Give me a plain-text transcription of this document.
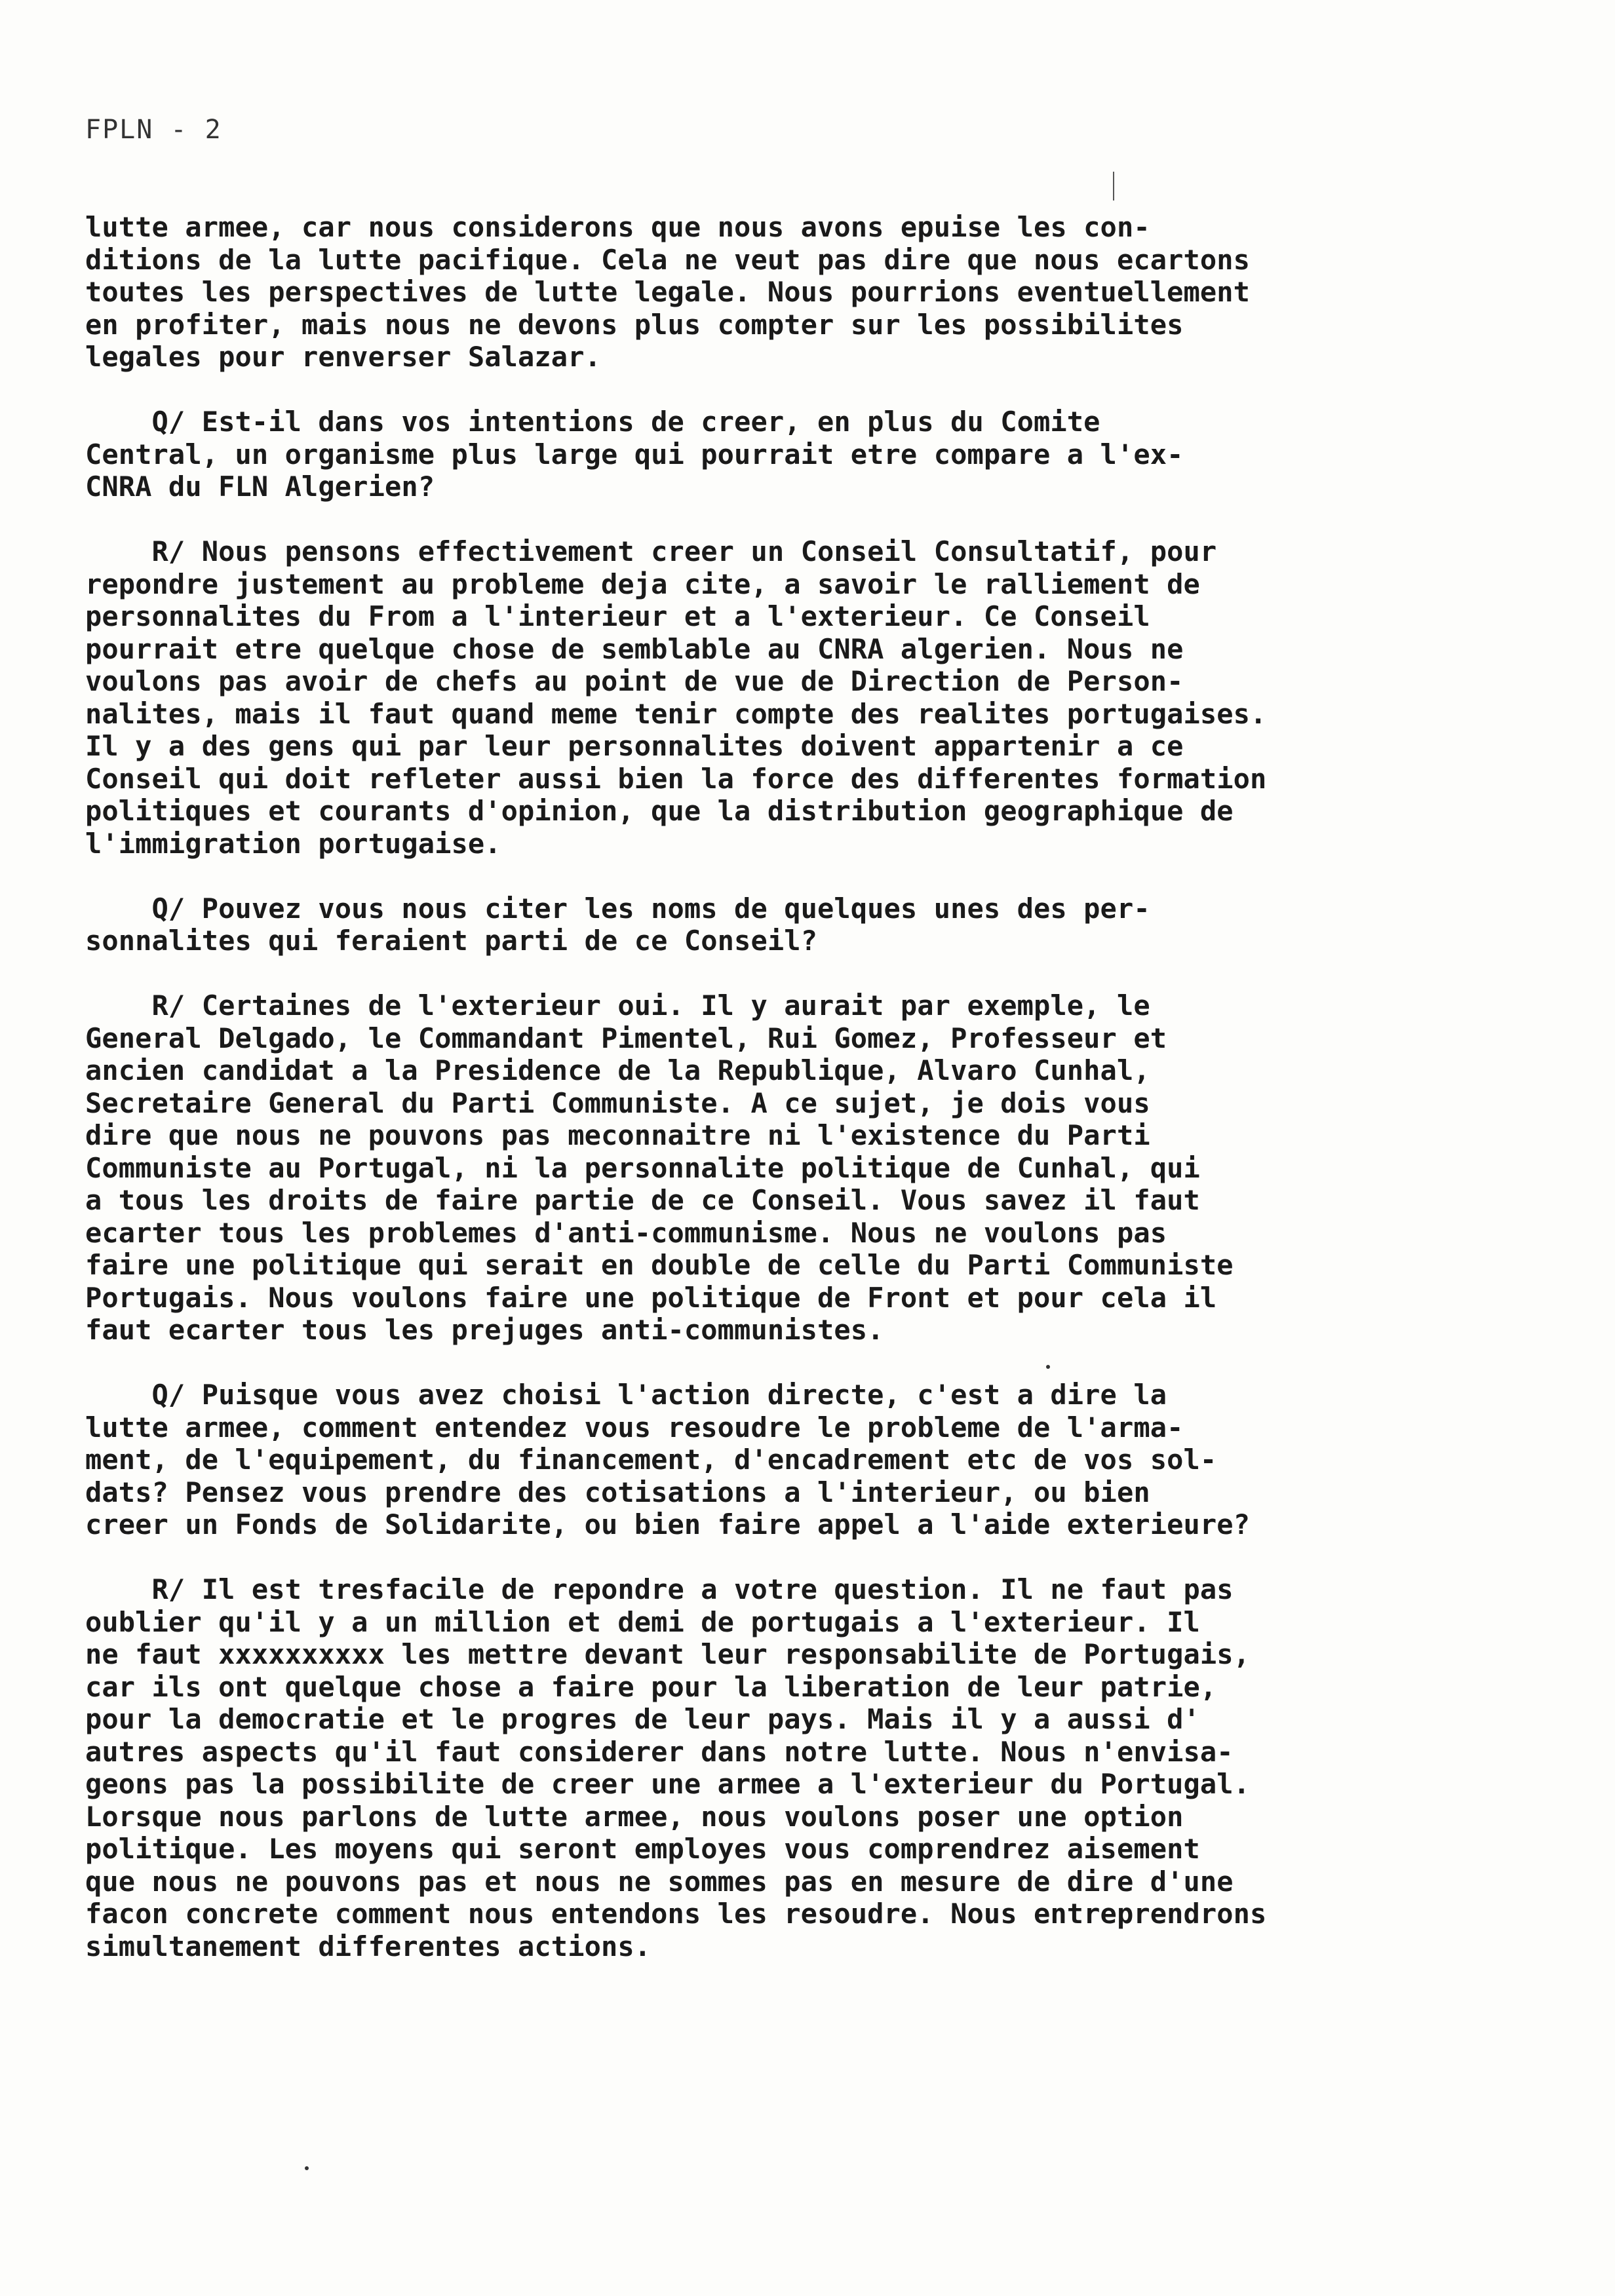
FPLN - 2
lutte armee, car nous considerons que nous avons epuise les con-
ditions de la lutte pacifique. Cela ne veut pas dire que nous ecartons
toutes les perspectives de lutte legale. Nous pourrions eventuellement
en profiter, mais nous ne devons plus compter sur les possibilites
legales pour renverser Salazar.
Q/ Est-il dans vos intentions de creer, en plus du Comite
Central, un organisme plus large qui pourrait etre compare a l'ex-
CNRA du FLN Algerien?
R/ Nous pensons effectivement creer un Conseil Consultatif, pour
repondre justement au probleme deja cite, a savoir le ralliement de
personnalites du From a l'interieur et a l'exterieur. Ce Conseil
pourrait etre quelque chose de semblable au CNRA algerien. Nous ne
voulons pas avoir de chefs au point de vue de Direction de Person-
nalites, mais il faut quand meme tenir compte des realites portugaises.
Il y a des gens qui par leur personnalites doivent appartenir a ce
Conseil qui doit refleter aussi bien la force des differentes formation
politiques et courants d'opinion, que la distribution geographique de
l'immigration portugaise.
Q/ Pouvez vous nous citer les noms de quelques unes des per-
sonnalites qui feraient parti de ce Conseil?
R/ Certaines de l'exterieur oui. Il y aurait par exemple, le
General Delgado, le Commandant Pimentel, Rui Gomez, Professeur et
ancien candidat a la Presidence de la Republique, Alvaro Cunhal,
Secretaire General du Parti Communiste. A ce sujet, je dois vous
dire que nous ne pouvons pas meconnaitre ni l'existence du Parti
Communiste au Portugal, ni la personnalite politique de Cunhal, qui
a tous les droits de faire partie de ce Conseil. Vous savez il faut
ecarter tous les problemes d'anti-communisme. Nous ne voulons pas
faire une politique qui serait en double de celle du Parti Communiste
Portugais. Nous voulons faire une politique de Front et pour cela il
faut ecarter tous les prejuges anti-communistes.
Q/ Puisque vous avez choisi l'action directe, c'est a dire la
lutte armee, comment entendez vous resoudre le probleme de l'arma-
ment, de l'equipement, du financement, d'encadrement etc de vos sol-
dats? Pensez vous prendre des cotisations a l'interieur, ou bien
creer un Fonds de Solidarite, ou bien faire appel a l'aide exterieure?
R/ Il est tresfacile de repondre a votre question. Il ne faut pas
oublier qu'il y a un million et demi de portugais a l'exterieur. Il
ne faut xxxxxxxxxx les mettre devant leur responsabilite de Portugais,
car ils ont quelque chose a faire pour la liberation de leur patrie,
pour la democratie et le progres de leur pays. Mais il y a aussi d'
autres aspects qu'il faut considerer dans notre lutte. Nous n'envisa-
geons pas la possibilite de creer une armee a l'exterieur du Portugal.
Lorsque nous parlons de lutte armee, nous voulons poser une option
politique. Les moyens qui seront employes vous comprendrez aisement
que nous ne pouvons pas et nous ne sommes pas en mesure de dire d'une
facon concrete comment nous entendons les resoudre. Nous entreprendrons
simultanement differentes actions.
